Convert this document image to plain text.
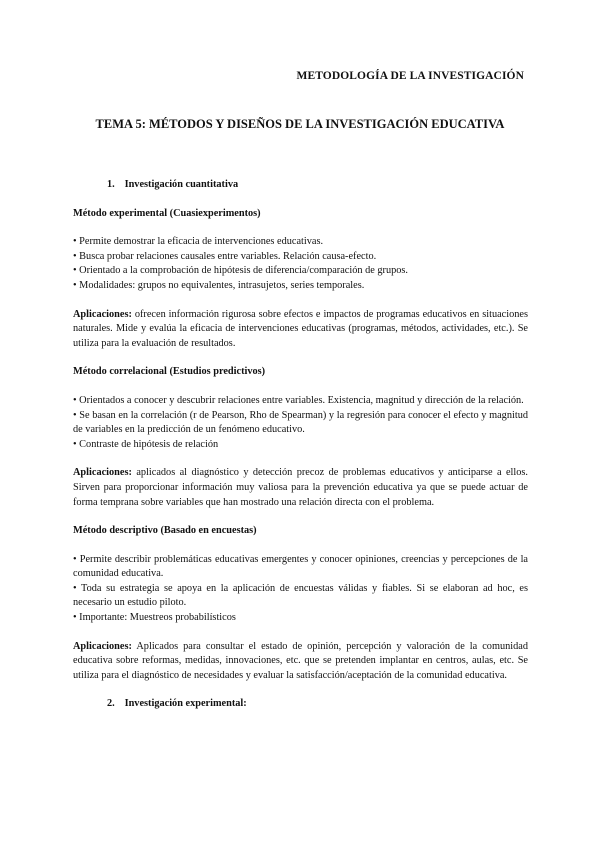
METODOLOGÍA DE LA INVESTIGACIÓN
TEMA 5: MÉTODOS Y DISEÑOS DE LA INVESTIGACIÓN EDUCATIVA
1. Investigación cuantitativa
Método experimental (Cuasiexperimentos)

• Permite demostrar la eficacia de intervenciones educativas.

• Busca probar relaciones causales entre variables. Relación causa-efecto.

• Orientado a la comprobación de hipótesis de diferencia/comparación de grupos.

• Modalidades: grupos no equivalentes, intrasujetos, series temporales.

Aplicaciones: ofrecen información rigurosa sobre efectos e impactos de programas educativos en situaciones naturales. Mide y evalúa la eficacia de intervenciones educativas (programas, métodos, actividades, etc.). Se utiliza para la evaluación de resultados.

Método correlacional (Estudios predictivos)

• Orientados a conocer y descubrir relaciones entre variables. Existencia, magnitud y dirección de la relación.

• Se basan en la correlación (r de Pearson, Rho de Spearman) y la regresión para conocer el efecto y magnitud de variables en la predicción de un fenómeno educativo.

• Contraste de hipótesis de relación

Aplicaciones: aplicados al diagnóstico y detección precoz de problemas educativos y anticiparse a ellos. Sirven para proporcionar información muy valiosa para la prevención educativa ya que se puede actuar de forma temprana sobre variables que han mostrado una relación directa con el problema.

Método descriptivo (Basado en encuestas)

• Permite describir problemáticas educativas emergentes y conocer opiniones, creencias y percepciones de la comunidad educativa.

• Toda su estrategia se apoya en la aplicación de encuestas válidas y fiables. Si se elaboran ad hoc, es necesario un estudio piloto.

• Importante: Muestreos probabilísticos

Aplicaciones: Aplicados para consultar el estado de opinión, percepción y valoración de la comunidad educativa sobre reformas, medidas, innovaciones, etc. que se pretenden implantar en centros, aulas, etc. Se utiliza para el diagnóstico de necesidades y evaluar la satisfacción/aceptación de la comunidad educativa.

2. Investigación experimental:
